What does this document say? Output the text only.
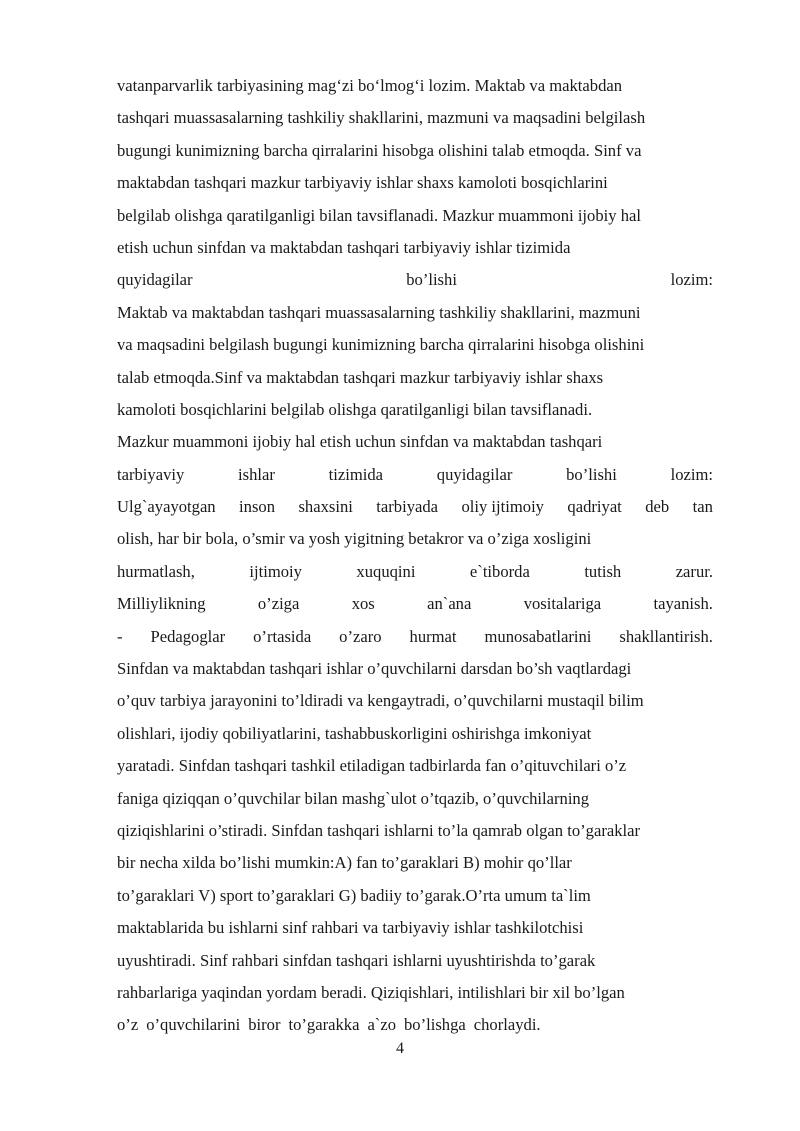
vatanparvarlik tarbiyasining mag‘zi bo‘lmog‘i lozim. Maktab va maktabdan
tashqari muassasalarning tashkiliy shakllarini, mazmuni va maqsadini belgilash
bugungi kunimizning barcha qirralarini hisobga olishini talab etmoqda. Sinf va
maktabdan tashqari mazkur tarbiyaviy ishlar shaxs kamoloti bosqichlarini
belgilab olishga qaratilganligi bilan tavsiflanadi. Mazkur muammoni ijobiy hal
etish uchun sinfdan va maktabdan tashqari tarbiyaviy ishlar tizimida
quyidagilar	bo’lishi	lozim:
Maktab va maktabdan tashqari muassasalarning tashkiliy shakllarini, mazmuni
va maqsadini belgilash bugungi kunimizning barcha qirralarini hisobga olishini
talab etmoqda.Sinf va maktabdan tashqari mazkur tarbiyaviy ishlar shaxs
kamoloti bosqichlarini belgilab olishga qaratilganligi bilan tavsiflanadi.
Mazkur muammoni ijobiy hal etish uchun sinfdan va maktabdan tashqari
tarbiyaviy	ishlar	tizimida	quyidagilar	bo’lishi	lozim:
Ulg`ayayotgan inson shaxsini tarbiyada oliy ijtimoiy qadriyat deb tan
olish, har bir bola, o’smir va yosh yigitning betakror va o’ziga xosligini
hurmatlash,	ijtimoiy	xuquqini	e`tiborda	tutish	zarur.
Milliylikning	o’ziga	xos	an`ana	vositalariga	tayanish.
- Pedagoglar o’rtasida o’zaro hurmat munosabatlarini shakllantirish.
Sinfdan va maktabdan tashqari ishlar o’quvchilarni darsdan bo’sh vaqtlardagi
o’quv tarbiya jarayonini to’ldiradi va kengaytradi, o’quvchilarni mustaqil bilim
olishlari, ijodiy qobiliyatlarini, tashabbuskorligini oshirishga imkoniyat
yaratadi. Sinfdan tashqari tashkil etiladigan tadbirlarda fan o’qituvchilari o’z
faniga qiziqqan o’quvchilar bilan mashg`ulot o’tqazib, o’quvchilarning
qiziqishlarini o’stiradi. Sinfdan tashqari ishlarni to’la qamrab olgan to’garaklar
bir necha xilda bo’lishi mumkin:A) fan to’garaklari B) mohir qo’llar
to’garaklari V) sport to’garaklari G) badiiy to’garak.O’rta umum ta`lim
maktablarida bu ishlarni sinf rahbari va tarbiyaviy ishlar tashkilotchisi
uyushtiradi. Sinf rahbari sinfdan tashqari ishlarni uyushtirishda to’garak
rahbarlariga yaqindan yordam beradi. Qiziqishlari, intilishlari bir xil bo’lgan
o’z o’quvchilarini biror to’garakka a`zo bo’lishga chorlaydi.
4
